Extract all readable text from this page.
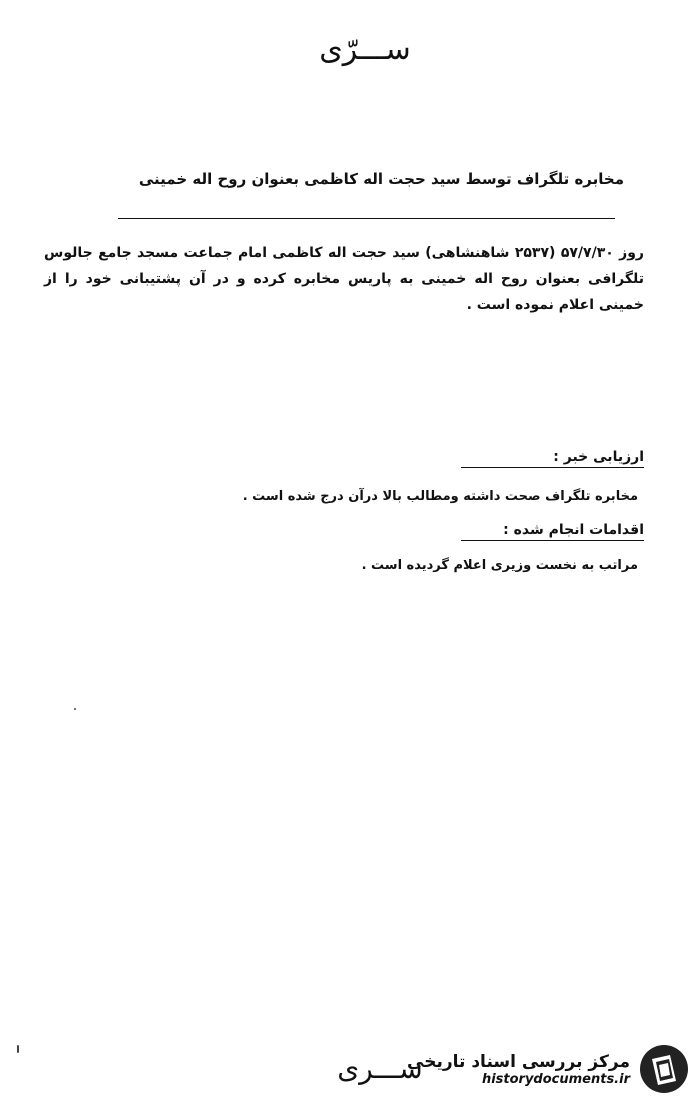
ســـرّی
مخابره تلگراف توسط سید حجت اله کاظمی بعنوان روح اله خمینی
روز ۵۷/۷/۳۰ (۲۵۳۷ شاهنشاهی) سید حجت اله کاظمی امام جماعت مسجد جامع جالوس تلگرافی بعنوان روح اله خمینی به پاریس مخابره کرده و در آن پشتیبانی خود را از خمینی اعلام نموده است .
ارزیابی خبر :
مخابره تلگراف صحت داشته ومطالب بالا درآن درج شده است .
اقدامات انجام شده :
مراتب به نخست وزیری اعلام گردیده است .
ســـری
مرکز بررسی اسناد تاریخی
historydocuments.ir
